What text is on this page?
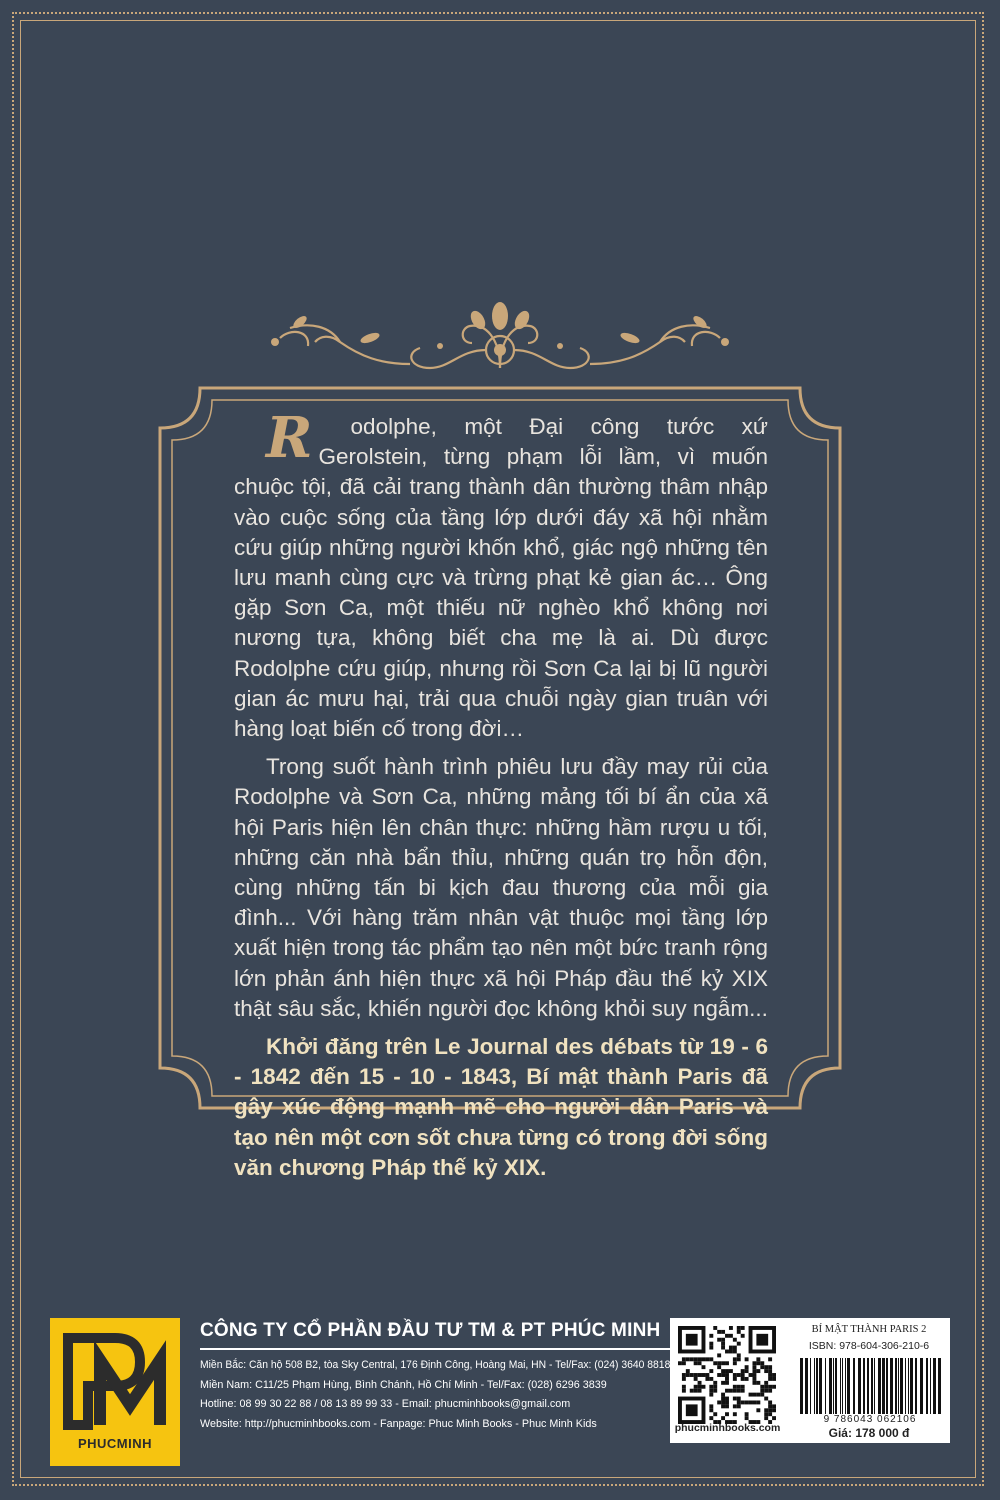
R odolphe, một Đại công tước xứ Gerolstein, từng phạm lỗi lầm, vì muốn chuộc tội, đã cải trang thành dân thường thâm nhập vào cuộc sống của tầng lớp dưới đáy xã hội nhằm cứu giúp những người khốn khổ, giác ngộ những tên lưu manh cùng cực và trừng phạt kẻ gian ác… Ông gặp Sơn Ca, một thiếu nữ nghèo khổ không nơi nương tựa, không biết cha mẹ là ai. Dù được Rodolphe cứu giúp, nhưng rồi Sơn Ca lại bị lũ người gian ác mưu hại, trải qua chuỗi ngày gian truân với hàng loạt biến cố trong đời…

Trong suốt hành trình phiêu lưu đầy may rủi của Rodolphe và Sơn Ca, những mảng tối bí ẩn của xã hội Paris hiện lên chân thực: những hầm rượu u tối, những căn nhà bẩn thỉu, những quán trọ hỗn độn, cùng những tấn bi kịch đau thương của mỗi gia đình... Với hàng trăm nhân vật thuộc mọi tầng lớp xuất hiện trong tác phẩm tạo nên một bức tranh rộng lớn phản ánh hiện thực xã hội Pháp đầu thế kỷ XIX thật sâu sắc, khiến người đọc không khỏi suy ngẫm...

Khởi đăng trên Le Journal des débats từ 19 - 6 - 1842 đến 15 - 10 - 1843, Bí mật thành Paris đã gây xúc động mạnh mẽ cho người dân Paris và tạo nên một cơn sốt chưa từng có trong đời sống văn chương Pháp thế kỷ XIX.

PHUCMINH
CÔNG TY CỔ PHẦN ĐẦU TƯ TM & PT PHÚC MINH
Miền Bắc: Căn hộ 508 B2, tòa Sky Central, 176 Định Công, Hoàng Mai, HN - Tel/Fax: (024) 3640 8818
Miền Nam: C11/25 Phạm Hùng, Bình Chánh, Hồ Chí Minh - Tel/Fax: (028) 6296 3839
Hotline: 08 99 30 22 88 / 08 13 89 99 33 - Email: phucminhbooks@gmail.com
Website: http://phucminhbooks.com - Fanpage: Phuc Minh Books - Phuc Minh Kids	phucminhbooks.com
BÍ MẬT THÀNH PARIS 2
ISBN: 978-604-306-210-6
9 786043 062106
Giá: 178 000 đ
